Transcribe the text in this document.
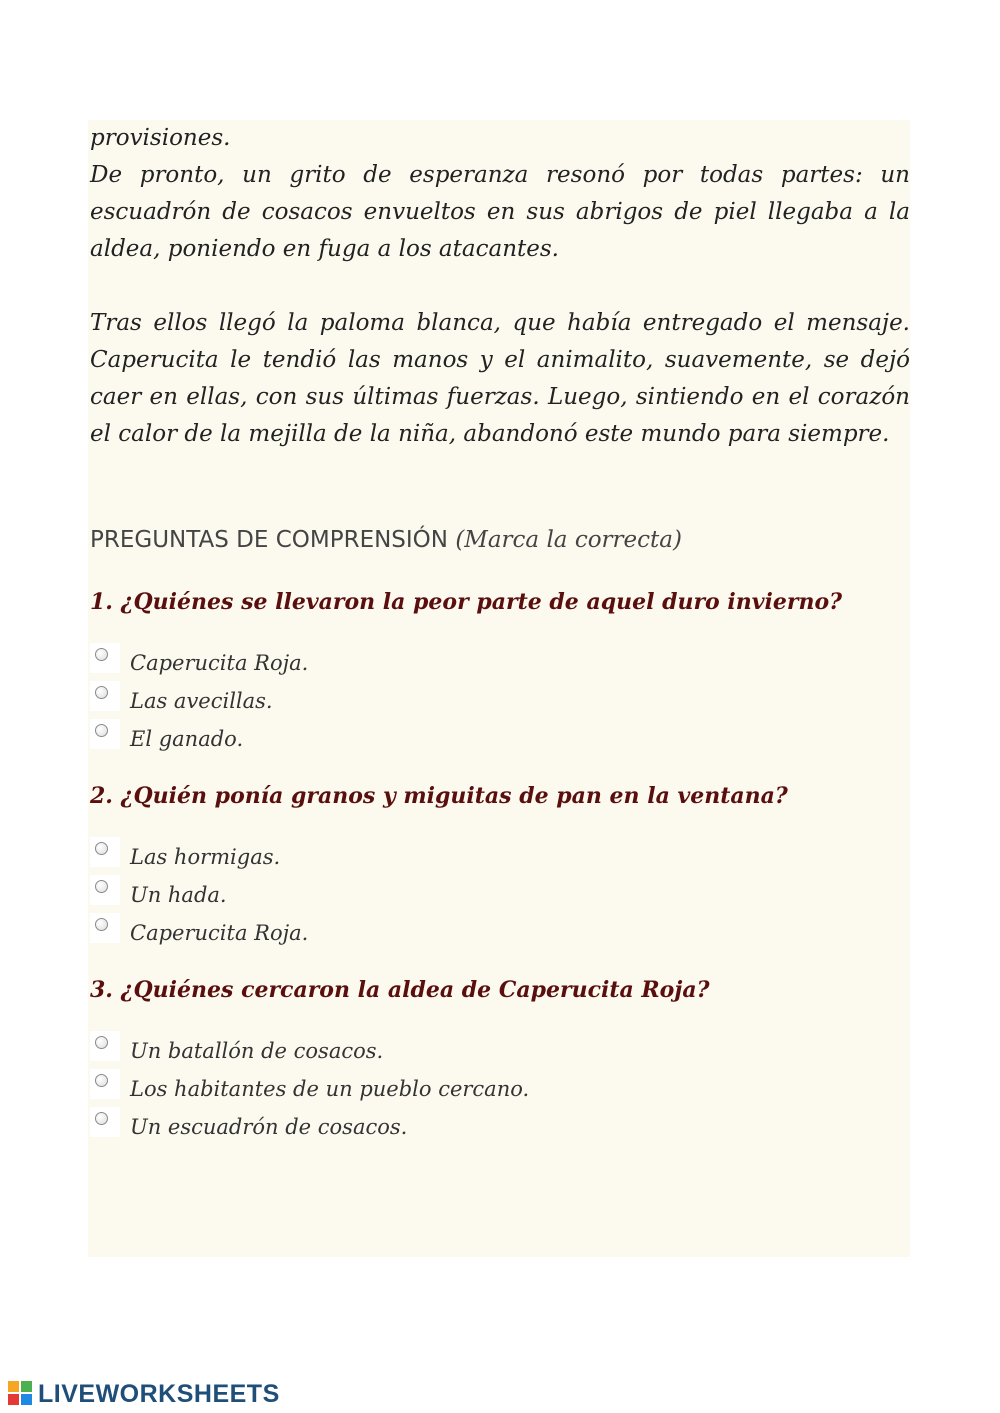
provisiones.

De pronto, un grito de esperanza resonó por todas partes: un escuadrón de cosacos envueltos en sus abrigos de piel llegaba a la aldea, poniendo en fuga a los atacantes.

Tras ellos llegó la paloma blanca, que había entregado el mensaje. Caperucita le tendió las manos y el animalito, suavemente, se dejó caer en ellas, con sus últimas fuerzas. Luego, sintiendo en el corazón el calor de la mejilla de la niña, abandonó este mundo para siempre.

PREGUNTAS DE COMPRENSIÓN (Marca la correcta)
1. ¿Quiénes se llevaron la peor parte de aquel duro invierno?
Caperucita Roja.
Las avecillas.
El ganado.
2. ¿Quién ponía granos y miguitas de pan en la ventana?
Las hormigas.
Un hada.
Caperucita Roja.
3. ¿Quiénes cercaron la aldea de Caperucita Roja?
Un batallón de cosacos.
Los habitantes de un pueblo cercano.
Un escuadrón de cosacos.
LIVEWORKSHEETS
